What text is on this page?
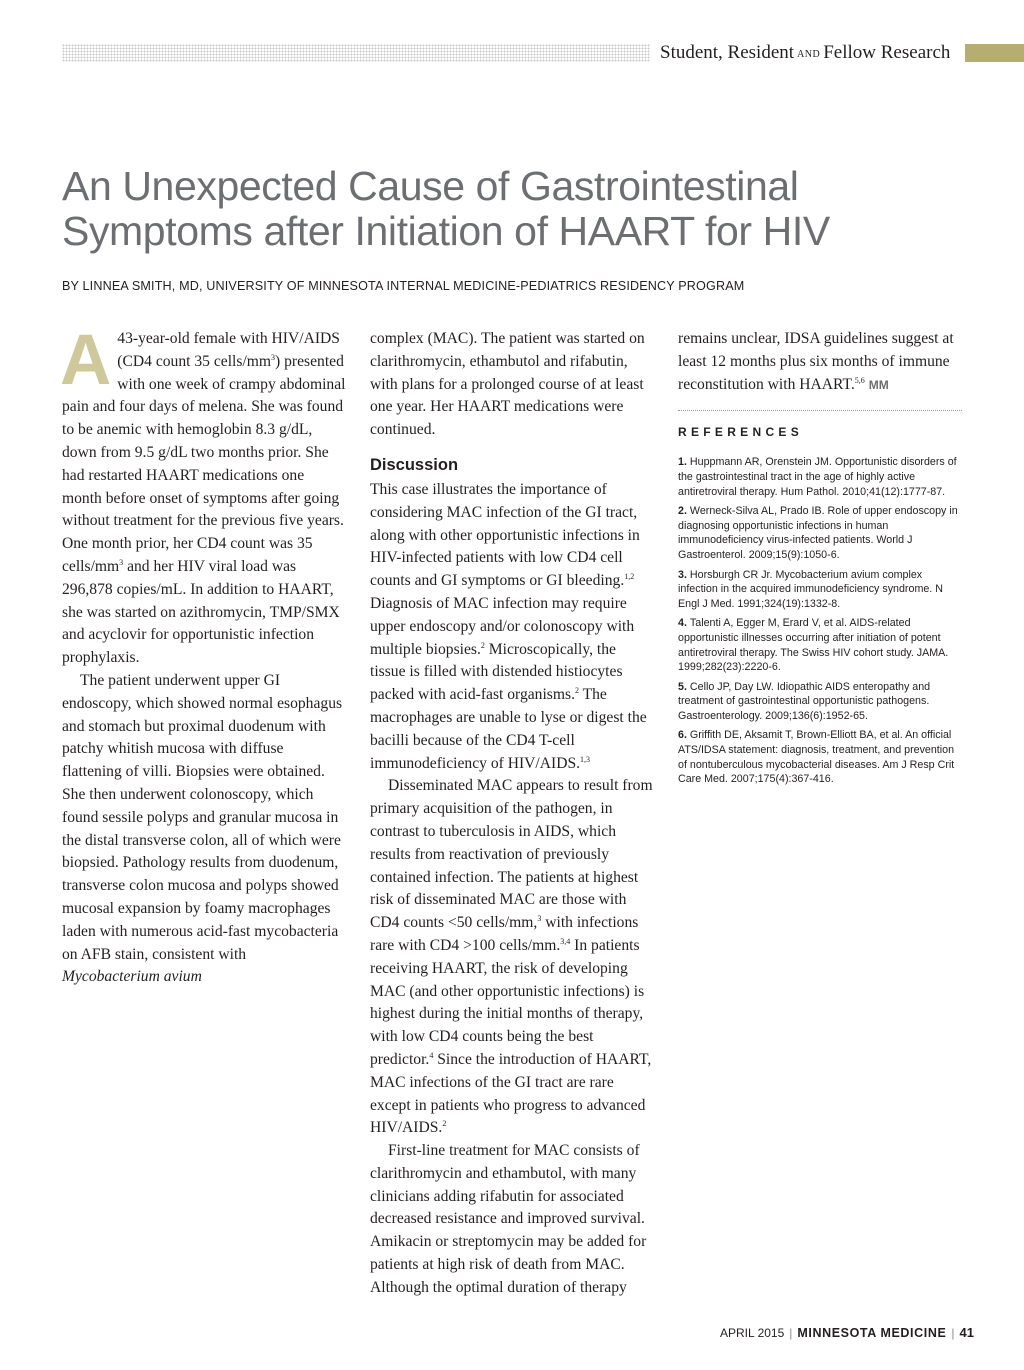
Student, Resident AND Fellow Research
An Unexpected Cause of Gastrointestinal Symptoms after Initiation of HAART for HIV
BY LINNEA SMITH, MD, UNIVERSITY OF MINNESOTA INTERNAL MEDICINE-PEDIATRICS RESIDENCY PROGRAM

A 43-year-old female with HIV/AIDS (CD4 count 35 cells/$mm^3$) presented with one week of crampy abdominal pain and four days of melena. She was found to be anemic with hemoglobin 8.3 g/dL, down from 9.5 g/dL two months prior. She had restarted HAART medications one month before onset of symptoms after going without treatment for the previous five years. One month prior, her CD4 count was 35 cells/$mm^3$ and her HIV viral load was 296,878 copies/mL. In addition to HAART, she was started on azithromycin, TMP/SMX and acyclovir for opportunistic infection prophylaxis.

The patient underwent upper GI endoscopy, which showed normal esophagus and stomach but proximal duodenum with patchy whitish mucosa with diffuse flattening of villi. Biopsies were obtained. She then underwent colonoscopy, which found sessile polyps and granular mucosa in the distal transverse colon, all of which were biopsied. Pathology results from duodenum, transverse colon mucosa and polyps showed mucosal expansion by foamy macrophages laden with numerous acid-fast mycobacteria on AFB stain, consistent with Mycobacterium avium

complex (MAC). The patient was started on clarithromycin, ethambutol and rifabutin, with plans for a prolonged course of at least one year. Her HAART medications were continued.

Discussion

This case illustrates the importance of considering MAC infection of the GI tract, along with other opportunistic infections in HIV-infected patients with low CD4 cell counts and GI symptoms or GI bleeding.$^{1,2}$ Diagnosis of MAC infection may require upper endoscopy and/or colonoscopy with multiple biopsies.$^2$ Microscopically, the tissue is filled with distended histiocytes packed with acid-fast organisms.$^2$ The macrophages are unable to lyse or digest the bacilli because of the CD4 T-cell immunodeficiency of HIV/AIDS.$^{1,3}$

Disseminated MAC appears to result from primary acquisition of the pathogen, in contrast to tuberculosis in AIDS, which results from reactivation of previously contained infection. The patients at highest risk of disseminated MAC are those with CD4 counts <50 cells/mm,$^3$ with infections rare with CD4 >100 cells/mm.$^{3,4}$ In patients receiving HAART, the risk of developing MAC (and other opportunistic infections) is highest during the initial months of therapy, with low CD4 counts being the best predictor.$^4$ Since the introduction of HAART, MAC infections of the GI tract are rare except in patients who progress to advanced HIV/AIDS.$^2$

First-line treatment for MAC consists of clarithromycin and ethambutol, with many clinicians adding rifabutin for associated decreased resistance and improved survival. Amikacin or streptomycin may be added for patients at high risk of death from MAC. Although the optimal duration of therapy

remains unclear, IDSA guidelines suggest at least 12 months plus six months of immune reconstitution with HAART.$^{5,6}$ MM

REFERENCES

1. Huppmann AR, Orenstein JM. Opportunistic disorders of the gastrointestinal tract in the age of highly active antiretroviral therapy. Hum Pathol. 2010;41(12):1777-87.
2. Werneck-Silva AL, Prado IB. Role of upper endoscopy in diagnosing opportunistic infections in human immunodeficiency virus-infected patients. World J Gastroenterol. 2009;15(9):1050-6.
3. Horsburgh CR Jr. Mycobacterium avium complex infection in the acquired immunodeficiency syndrome. N Engl J Med. 1991;324(19):1332-8.
4. Talenti A, Egger M, Erard V, et al. AIDS-related opportunistic illnesses occurring after initiation of potent antiretroviral therapy. The Swiss HIV cohort study. JAMA. 1999;282(23):2220-6.
5. Cello JP, Day LW. Idiopathic AIDS enteropathy and treatment of gastrointestinal opportunistic pathogens. Gastroenterology. 2009;136(6):1952-65.
6. Griffith DE, Aksamit T, Brown-Elliott BA, et al. An official ATS/IDSA statement: diagnosis, treatment, and prevention of nontuberculous mycobacterial diseases. Am J Resp Crit Care Med. 2007;175(4):367-416.
APRIL 2015 | MINNESOTA MEDICINE | 41
